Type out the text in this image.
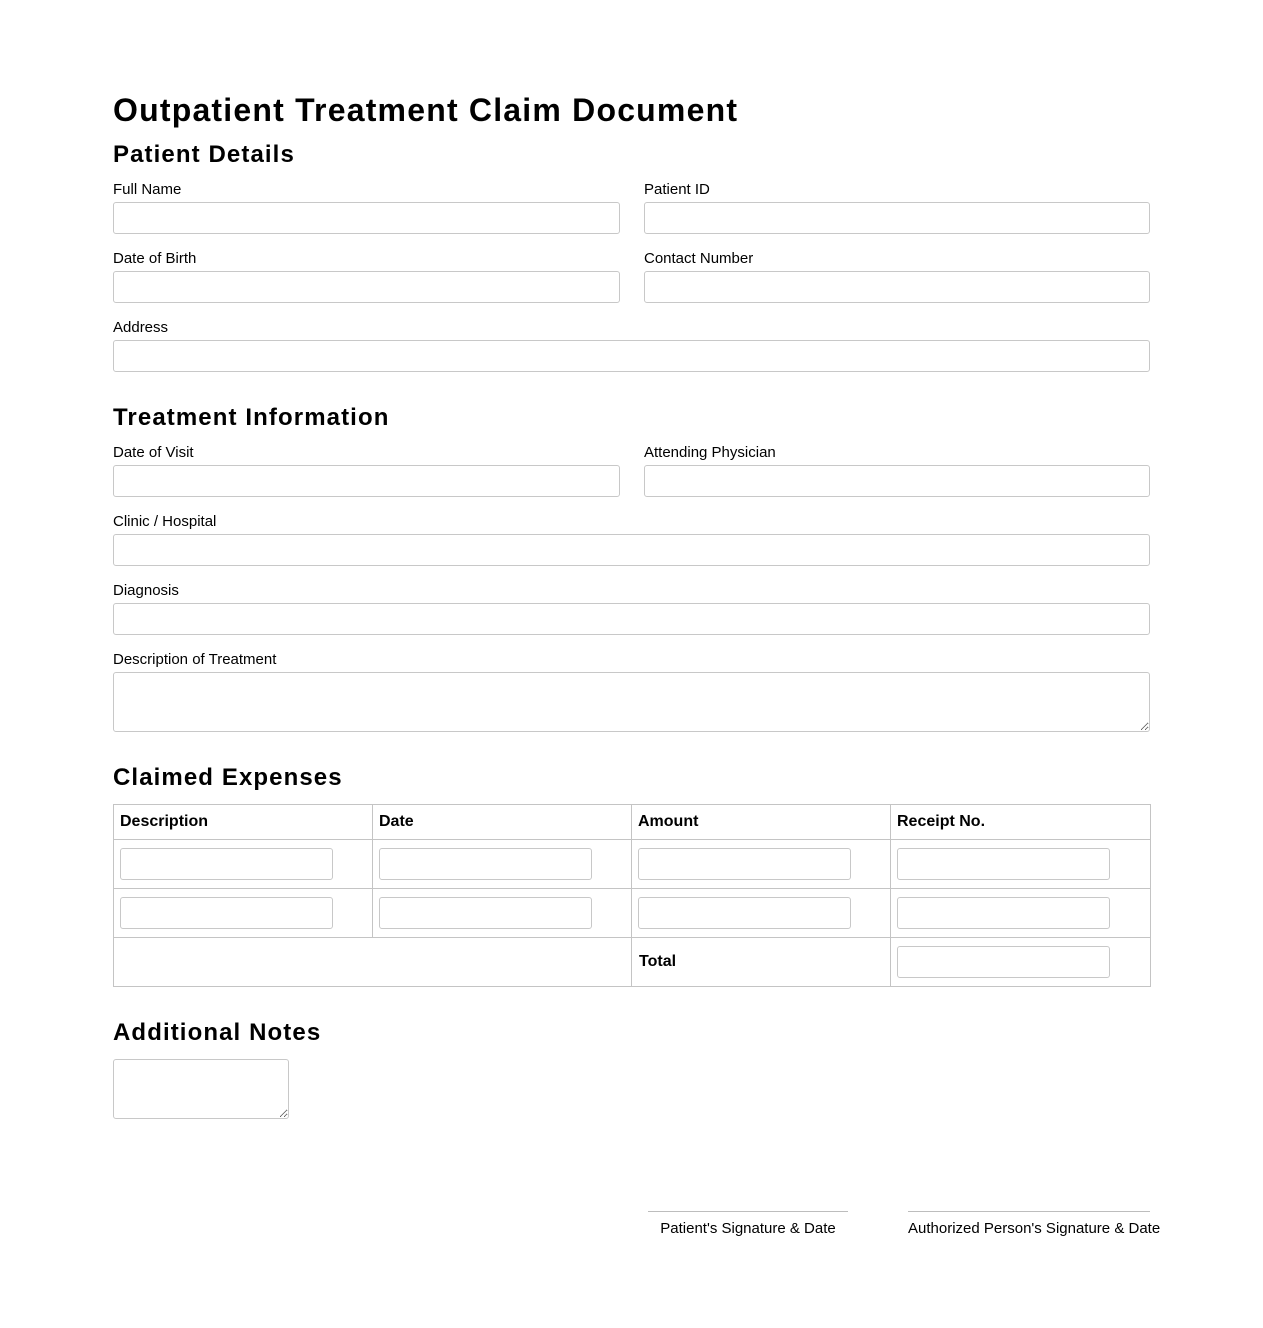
Outpatient Treatment Claim Document
Patient Details
Full Name	Patient ID
Date of Birth	Contact Number
Address
Treatment Information
Date of Visit	Attending Physician
Clinic / Hospital
Diagnosis
Description of Treatment
Claimed Expenses
Description	Date	Amount	Receipt No.

		Total	
Additional Notes
Patient's Signature & Date	Authorized Person's Signature & Date
